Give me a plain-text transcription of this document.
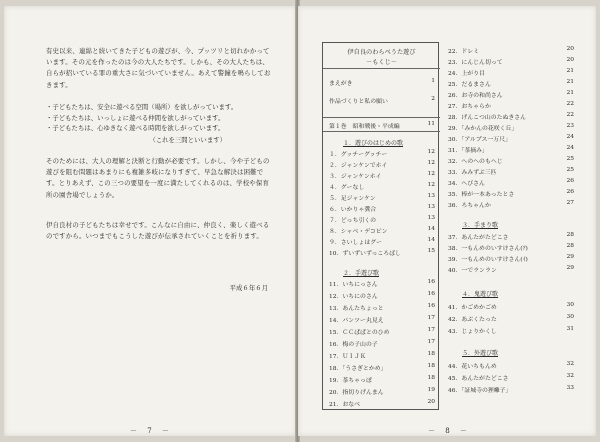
有史以来、連綿と続いてきた子どもの遊びが、今、プッツリと切れかかっています。その元を作ったのは今の大人たちです。しかも、その大人たちは、自らが招いている罪の重大さに気づいていません。あえて警鐘を鳴らしておきます。

・子どもたちは、安全に遊べる空間（場所）を欲しがっています。
・子どもたちは、いっしょに遊べる仲間を欲しがっています。
・子どもたちは、心ゆきなく遊べる時間を欲しがっています。
（これを三間といいます）

そのためには、大人の理解と決断と行動が必要です。しかし、今や子どもの遊びを阻む問題はあまりにも複雑多岐になりすぎて、早急な解決は困難です。とりあえず、この三つの要望を一度に満たしてくれるのは、学校や保育所の園舎場でしょうか。

伊自良村の子どもたちは幸せです。こんなに自由に、仲良く、楽しく遊べるのですから。いつまでもこうした遊びが伝承されていくことを祈ります。

平成６年６月
－ 7 －
伊自良のわらべうた遊び
－もくじ－
まえがき	1
作品づくりと私の願い	2
第１巻　昭和戦後・平成編	11
１．遊びのはじめの歌
１．グッチーグッチー	12
２．ジャンケンでホイ	12
３．ジャンケンホイ	12
４．グーなし	12
５．足ジャンケン	13
６．いかりゃ糞合	13
７．どっち引くの	13
８．シャベ・デコピン	14
９．さいしょはグー	14
10．ずいずいずっころばし	15
２．手遊び歌
11．いちにっさん	16
12．いちにのさん	16
13．あんたちょっと	16
14．パンツー丸見え	17
15．ＣＣぱぱとのひめ	17
16．梅の子山の子	17
17．ＵＩＪＫ	18
18．「うさぎとかめ」	18
19．茶ちゃっぽ	18
20．指切りげんまん	19
21．おなべ	20
22．ドレミ	20
23．にんじん切って	20
24．上がり目	21
25．だるまさん	21
26．お寺の和尚さん	21
27．おちゃらか	22
28．げんこつ山のたぬきさん	22
29．「みかんの花咲く丘」	23
30．「アルプス一万尺」	24
31．「茶摘み」	24
32．へのへのもへじ	25
33．みみずぶ三匹	25
34．へびさん	26
35．棒が一本あったとさ	26
36．ろちゃんか	27
３．手まり歌
37．あんたがたどこさ	28
38．一もんめのいすけさん(ｱ)	28
39．一もんめのいすけさん(ｲ)	29
40．一でランラン	29
４．鬼遊び歌
41．かごめかごめ	30
42．あぶくたった	30
43．じょりかくし	31
５．外遊び歌
44．花いちもんめ	32
45．あんたがたどこさ	32
46．「証城寺の狸囃子」	33
－ 8 －
